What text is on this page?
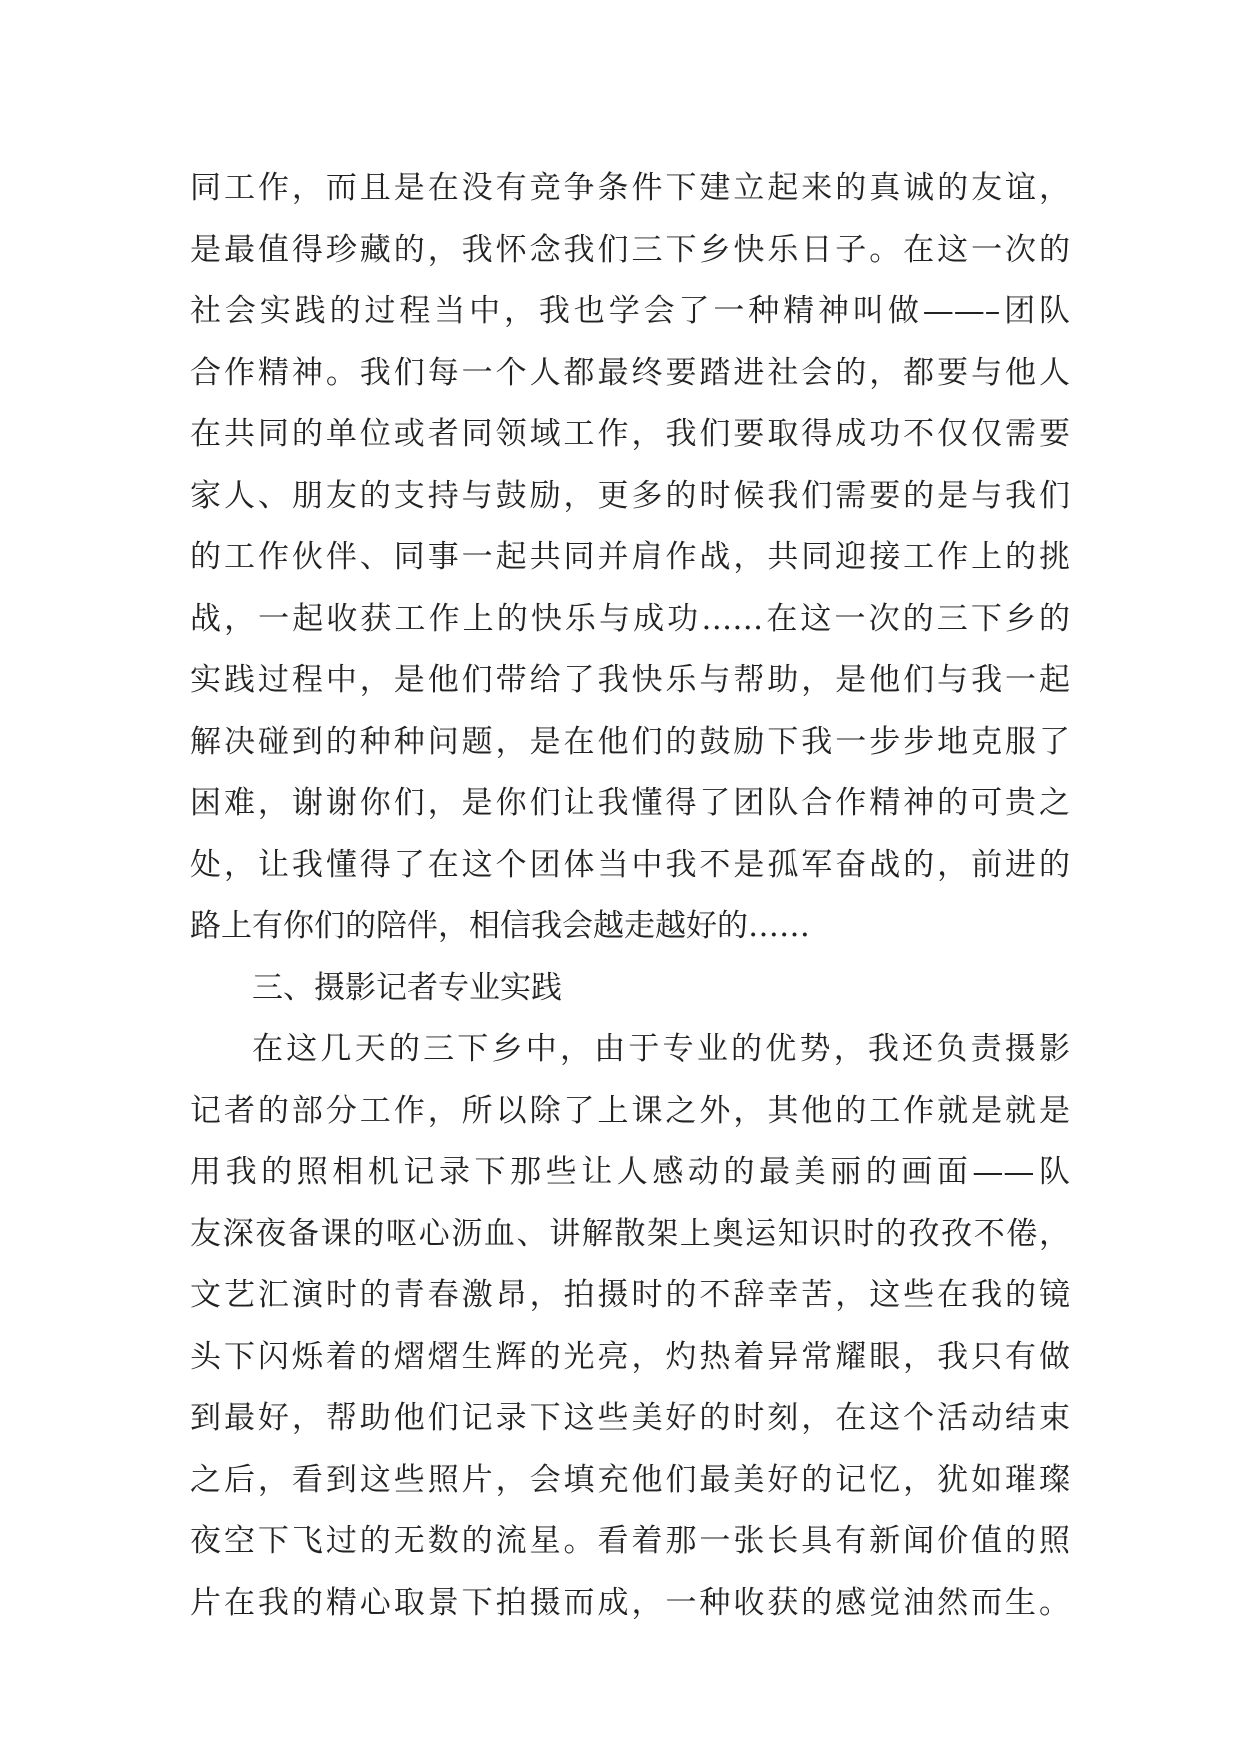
同工作，而且是在没有竞争条件下建立起来的真诚的友谊，
是最值得珍藏的，我怀念我们三下乡快乐日子。在这一次的
社会实践的过程当中，我也学会了一种精神叫做——–团队
合作精神。我们每一个人都最终要踏进社会的，都要与他人
在共同的单位或者同领域工作，我们要取得成功不仅仅需要
家人、朋友的支持与鼓励，更多的时候我们需要的是与我们
的工作伙伴、同事一起共同并肩作战，共同迎接工作上的挑
战，一起收获工作上的快乐与成功……在这一次的三下乡的
实践过程中，是他们带给了我快乐与帮助，是他们与我一起
解决碰到的种种问题，是在他们的鼓励下我一步步地克服了
困难，谢谢你们，是你们让我懂得了团队合作精神的可贵之
处，让我懂得了在这个团体当中我不是孤军奋战的，前进的
路上有你们的陪伴，相信我会越走越好的……
三、摄影记者专业实践
在这几天的三下乡中，由于专业的优势，我还负责摄影
记者的部分工作，所以除了上课之外，其他的工作就是就是
用我的照相机记录下那些让人感动的最美丽的画面——队
友深夜备课的呕心沥血、讲解散架上奥运知识时的孜孜不倦，
文艺汇演时的青春激昂，拍摄时的不辞幸苦，这些在我的镜
头下闪烁着的熠熠生辉的光亮，灼热着异常耀眼，我只有做
到最好，帮助他们记录下这些美好的时刻，在这个活动结束
之后，看到这些照片，会填充他们最美好的记忆，犹如璀璨
夜空下飞过的无数的流星。看着那一张长具有新闻价值的照
片在我的精心取景下拍摄而成，一种收获的感觉油然而生。
